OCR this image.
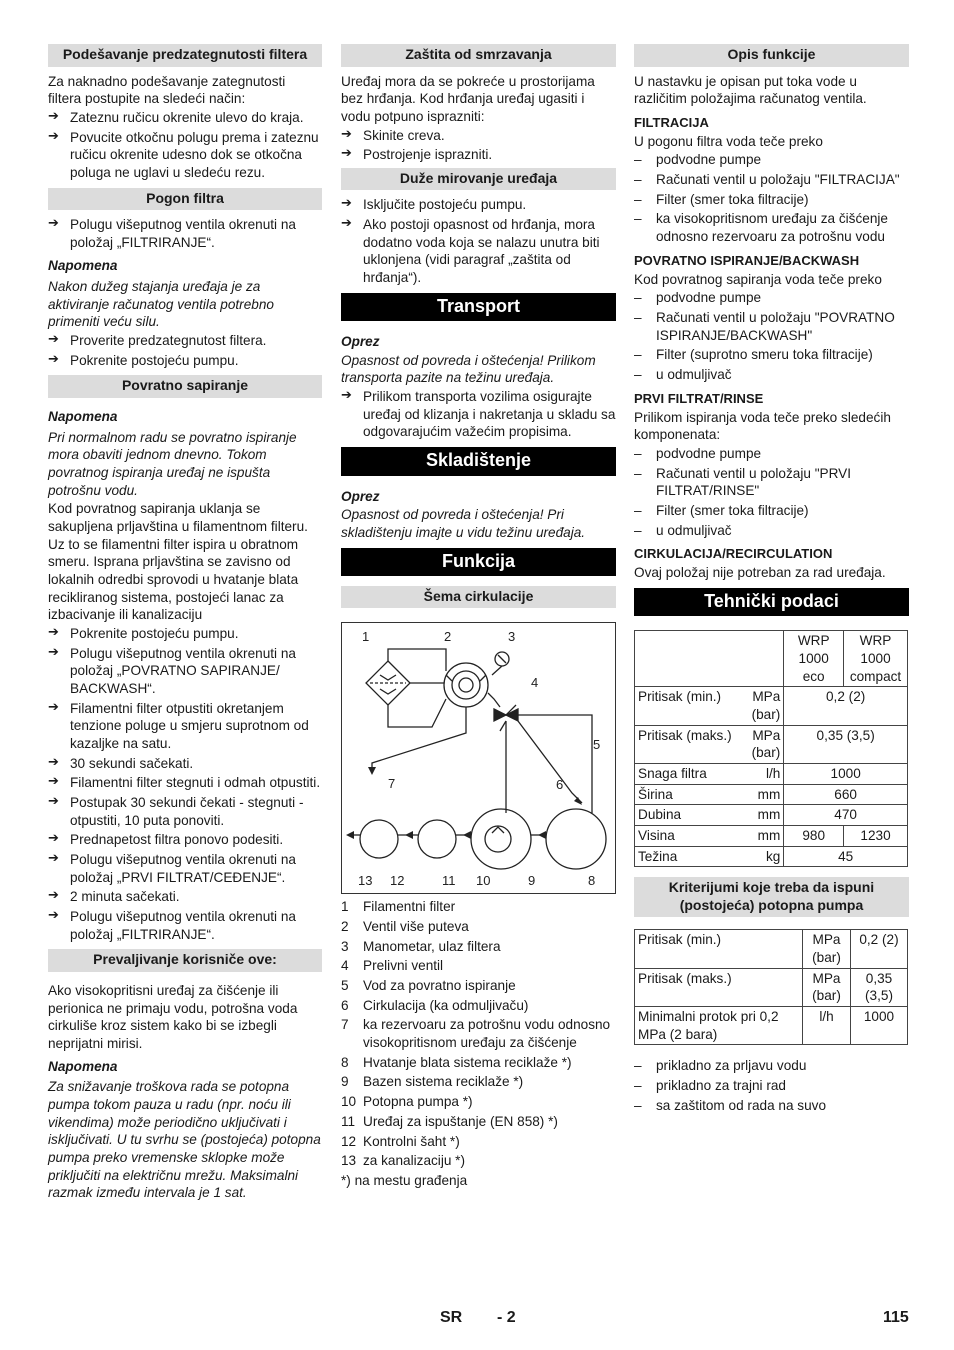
Podešavanje predzategnutosti filtera

Za naknadno podešavanje zategnutosti filtera postupite na sledeći način:

➔ Zateznu ručicu okrenite ulevo do kraja.
➔ Povucite otkočnu polugu prema i zateznu ručicu okrenite udesno dok se otkočna poluga ne uglavi u sledeću rezu.
Pogon filtra
➔ Polugu višeputnog ventila okrenuti na položaj „FILTRIRANJE“.

Napomena

Nakon dužeg stajanja uređaja je za aktiviranje računatog ventila potrebno primeniti veću silu.

➔ Proverite predzategnutost filtera.
➔ Pokrenite postojeću pumpu.
Povratno sapiranje

Napomena

Pri normalnom radu se povratno ispiranje mora obaviti jednom dnevno. Tokom povratnog ispiranja uređaj ne ispušta potrošnu vodu.

Kod povratnog sapiranja uklanja se sakupljena prljavština u filamentnom filteru. Uz to se filamentni filter ispira u obratnom smeru. Isprana prljavština se zavisno od lokalnih odredbi sprovodi u hvatanje blata recikliranog sistema, postojeći lanac za izbacivanje ili kanalizaciju

➔ Pokrenite postojeću pumpu.
➔ Polugu višeputnog ventila okrenuti na položaj „POVRATNO SAPIRANJE/ BACKWASH“.
➔ Filamentni filter otpustiti okretanjem tenzione poluge u smjeru suprotnom od kazaljke na satu.
➔ 30 sekundi sačekati.
➔ Filamentni filter stegnuti i odmah otpustiti.
➔ Postupak 30 sekundi čekati - stegnuti - otpustiti, 10 puta ponoviti.
➔ Prednapetost filtra ponovo podesiti.
➔ Polugu višeputnog ventila okrenuti na položaj „PRVI FILTRAT/CEĐENJE“.
➔ 2 minuta sačekati.
➔ Polugu višeputnog ventila okrenuti na položaj „FILTRIRANJE“.
Prevaljivanje korisniče ove:

Ako visokopritisni uređaj za čišćenje ili perionica ne primaju vodu, potrošna voda cirkuliše kroz sistem kako bi se izbegli neprijatni mirisi.

Napomena

Za snižavanje troškova rada se potopna pumpa tokom pauza u radu (npr. noću ili vikendima) može periodično uključivati i isključivati. U tu svrhu se (postojeća) potopna pumpa preko vremenske sklopke može priključiti na električnu mrežu. Maksimalni razmak između intervala je 1 sat.

Zaštita od smrzavanja

Uređaj mora da se pokreće u prostorijama bez hrđanja. Kod hrđanja uređaj ugasiti i vodu potpuno isprazniti:

➔ Skinite creva.
➔ Postrojenje isprazniti.
Duže mirovanje uređaja
➔ Isključite postojeću pumpu.
➔ Ako postoji opasnost od hrđanja, mora dodatno voda koja se nalazu unutra biti uklonjena (vidi paragraf „zaštita od hrđanja“).
Transport

Oprez

Opasnost od povreda i oštećenja! Prilikom transporta pazite na težinu uređaja.

➔ Prilikom transporta vozilima osigurajte uređaj od klizanja i nakretanja u skladu sa odgovarajućim važećim propisima.
Skladištenje

Oprez

Opasnost od povreda i oštećenja! Pri skladištenju imajte u vidu težinu uređaja.

Funkcija
Šema cirkulacije
1	2	3
4
5
6
7
8
9
10
11
12
13
1 Filamentni filter
2 Ventil više puteva
3 Manometar, ulaz filtera
4 Prelivni ventil
5 Vod za povratno ispiranje
6 Cirkulacija (ka odmuljivaču)
7 ka rezervoaru za potrošnu vodu odnosno visokopritisnom uređaju za čišćenje
8 Hvatanje blata sistema reciklaže *)
9 Bazen sistema reciklaže *)
10 Potopna pumpa *)
11 Uređaj za ispuštanje (EN 858) *)
12 Kontrolni šaht *)
13 za kanalizaciju *)

*) na mestu građenja

Opis funkcije

U nastavku je opisan put toka vode u različitim položajima računatog ventila.

FILTRACIJA

U pogonu filtra voda teče preko

– podvodne pumpe
– Računati ventil u položaju "FILTRACIJA"
– Filter (smer toka filtracije)
– ka visokopritisnom uređaju za čišćenje odnosno rezervoaru za potrošnu vodu

POVRATNO ISPIRANJE/BACKWASH

Kod povratnog sapiranja voda teče preko

– podvodne pumpe
– Računati ventil u položaju "POVRATNO ISPIRANJE/BACKWASH"
– Filter (suprotno smeru toka filtracije)
– u odmuljivač

PRVI FILTRAT/RINSE

Prilikom ispiranja voda teče preko sledećih komponenata:

– podvodne pumpe
– Računati ventil u položaju "PRVI FILTRAT/RINSE"
– Filter (smer toka filtracije)
– u odmuljivač

CIRKULACIJA/RECIRCULATION

Ovaj položaj nije potreban za rad uređaja.

Tehnički podaci
		WRP 1000 eco	WRP 1000 compact
Pritisak (min.)	MPa (bar)	0,2 (2)	
Pritisak (maks.)	MPa (bar)	0,35 (3,5)	
Snaga filtra	l/h	1000	
Širina	mm	660	
Dubina	mm	470	
Visina	mm	980	1230
Težina	kg	45	
Kriterijumi koje treba da ispuni (postojeća) potopna pumpa
Pritisak (min.)	MPa (bar)	0,2 (2)
Pritisak (maks.)	MPa (bar)	0,35 (3,5)
Minimalni protok pri 0,2 MPa (2 bara)	l/h	1000
– prikladno za prljavu vodu
– prikladno za trajni rad
– sa zaštitom od rada na suvo
SR - 2	115
